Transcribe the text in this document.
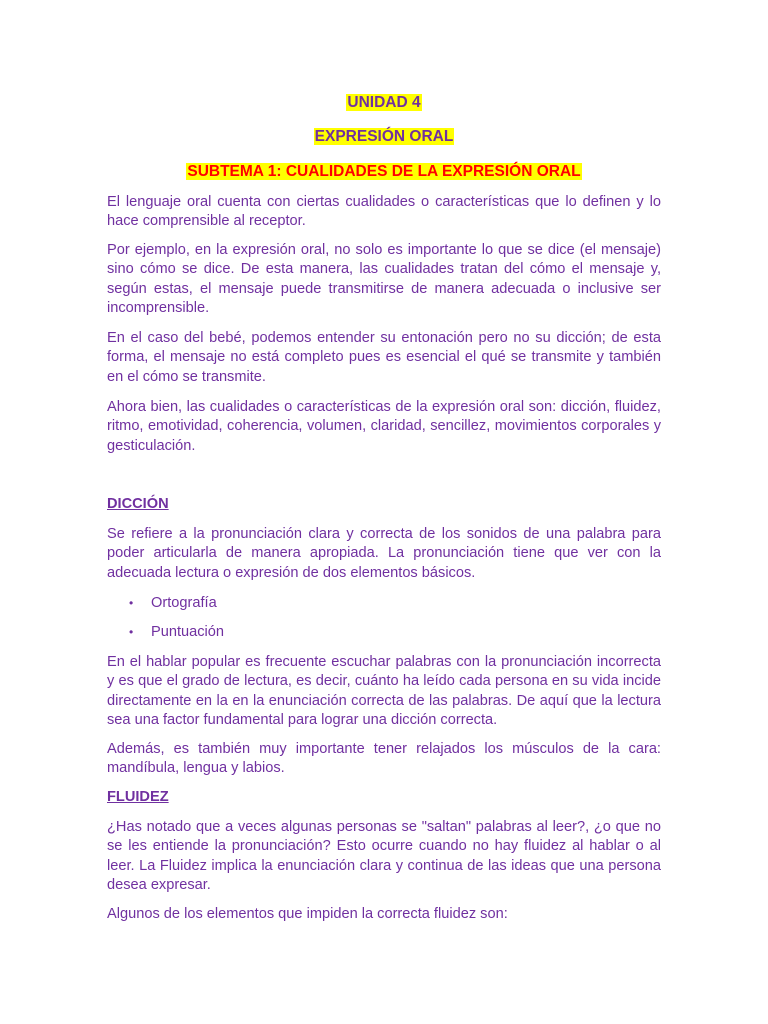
UNIDAD 4
EXPRESIÓN ORAL
SUBTEMA 1: CUALIDADES DE LA EXPRESIÓN ORAL

El lenguaje oral cuenta con ciertas cualidades o características que lo definen y lo hace comprensible al receptor.

Por ejemplo, en la expresión oral, no solo es importante lo que se dice (el mensaje) sino cómo se dice. De esta manera, las cualidades tratan del cómo el mensaje y, según estas, el mensaje puede transmitirse de manera adecuada o inclusive ser incomprensible.

En el caso del bebé, podemos entender su entonación pero no su dicción; de esta forma, el mensaje no está completo pues es esencial el qué se transmite y también en el cómo se transmite.

Ahora bien, las cualidades o características de la expresión oral son: dicción, fluidez, ritmo, emotividad, coherencia, volumen, claridad, sencillez, movimientos corporales y gesticulación.

DICCIÓN

Se refiere a la pronunciación clara y correcta de los sonidos de una palabra para poder articularla de manera apropiada. La pronunciación tiene que ver con la adecuada lectura o expresión de dos elementos básicos.

• Ortografía
• Puntuación

En el hablar popular es frecuente escuchar palabras con la pronunciación incorrecta y es que el grado de lectura, es decir, cuánto ha leído cada persona en su vida incide directamente en la en la enunciación correcta de las palabras. De aquí que la lectura sea una factor fundamental para lograr una dicción correcta.

Además, es también muy importante tener relajados los músculos de la cara: mandíbula, lengua y labios.

FLUIDEZ

¿Has notado que a veces algunas personas se "saltan" palabras al leer?, ¿o que no se les entiende la pronunciación? Esto ocurre cuando no hay fluidez al hablar o al leer. La Fluidez implica la enunciación clara y continua de las ideas que una persona desea expresar.

Algunos de los elementos que impiden la correcta fluidez son:
